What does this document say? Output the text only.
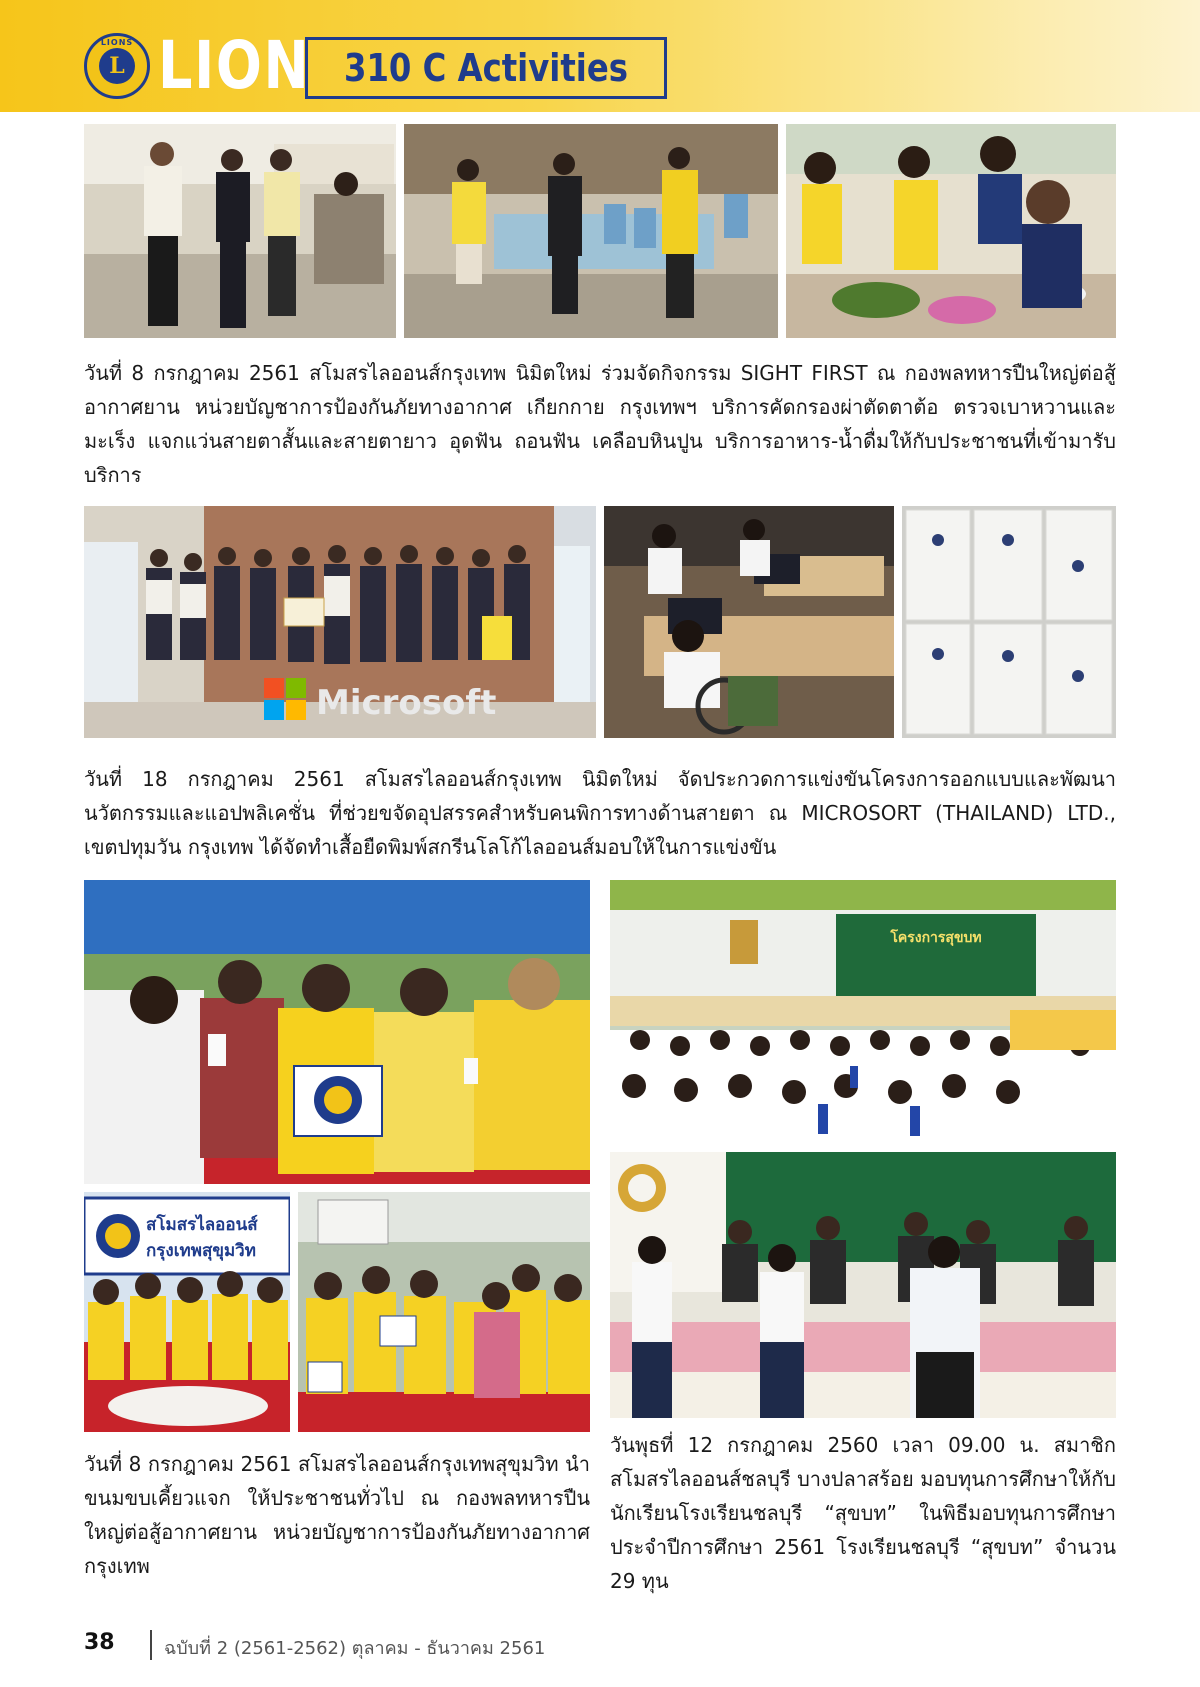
LIONS
L LION 310 C Activities
วันที่ 8 กรกฎาคม 2561 สโมสรไลออนส์กรุงเทพ นิมิตใหม่ ร่วมจัดกิจกรรม SIGHT FIRST ณ กองพลทหารปืนใหญ่ต่อสู้อากาศยาน หน่วยบัญชาการป้องกันภัยทางอากาศ เกียกกาย กรุงเทพฯ บริการคัดกรองผ่าตัดตาต้อ ตรวจเบาหวานและมะเร็ง แจกแว่นสายตาสั้นและสายตายาว อุดฟัน ถอนฟัน เคลือบหินปูน บริการอาหาร-น้ำดื่มให้กับประชาชนที่เข้ามารับบริการ
Microsoft
วันที่ 18 กรกฎาคม 2561 สโมสรไลออนส์กรุงเทพ นิมิตใหม่ จัดประกวดการแข่งขันโครงการออกแบบและพัฒนานวัตกรรมและแอปพลิเคชั่น ที่ช่วยขจัดอุปสรรคสำหรับคนพิการทางด้านสายตา ณ MICROSORT (THAILAND) LTD., เขตปทุมวัน กรุงเทพ ได้จัดทำเสื้อยืดพิมพ์สกรีนโลโก้ไลออนส์มอบให้ในการแข่งขัน
สโมสรไลออนส์
กรุงเทพสุขุมวิท
โครงการสุขบท
วันที่ 8 กรกฎาคม 2561 สโมสรไลออนส์กรุงเทพสุขุมวิท นำขนมขบเคี้ยวแจก ให้ประชาชนทั่วไป ณ กองพลทหารปืนใหญ่ต่อสู้อากาศยาน หน่วยบัญชาการป้องกันภัยทางอากาศ กรุงเทพ
วันพุธที่ 12 กรกฎาคม 2560 เวลา 09.00 น. สมาชิกสโมสรไลออนส์ชลบุรี บางปลาสร้อย มอบทุนการศึกษาให้กับนักเรียนโรงเรียนชลบุรี “สุขบท” ในพิธีมอบทุนการศึกษา ประจำปีการศึกษา 2561 โรงเรียนชลบุรี “สุขบท” จำนวน 29 ทุน
38	ฉบับที่ 2 (2561-2562) ตุลาคม - ธันวาคม 2561
